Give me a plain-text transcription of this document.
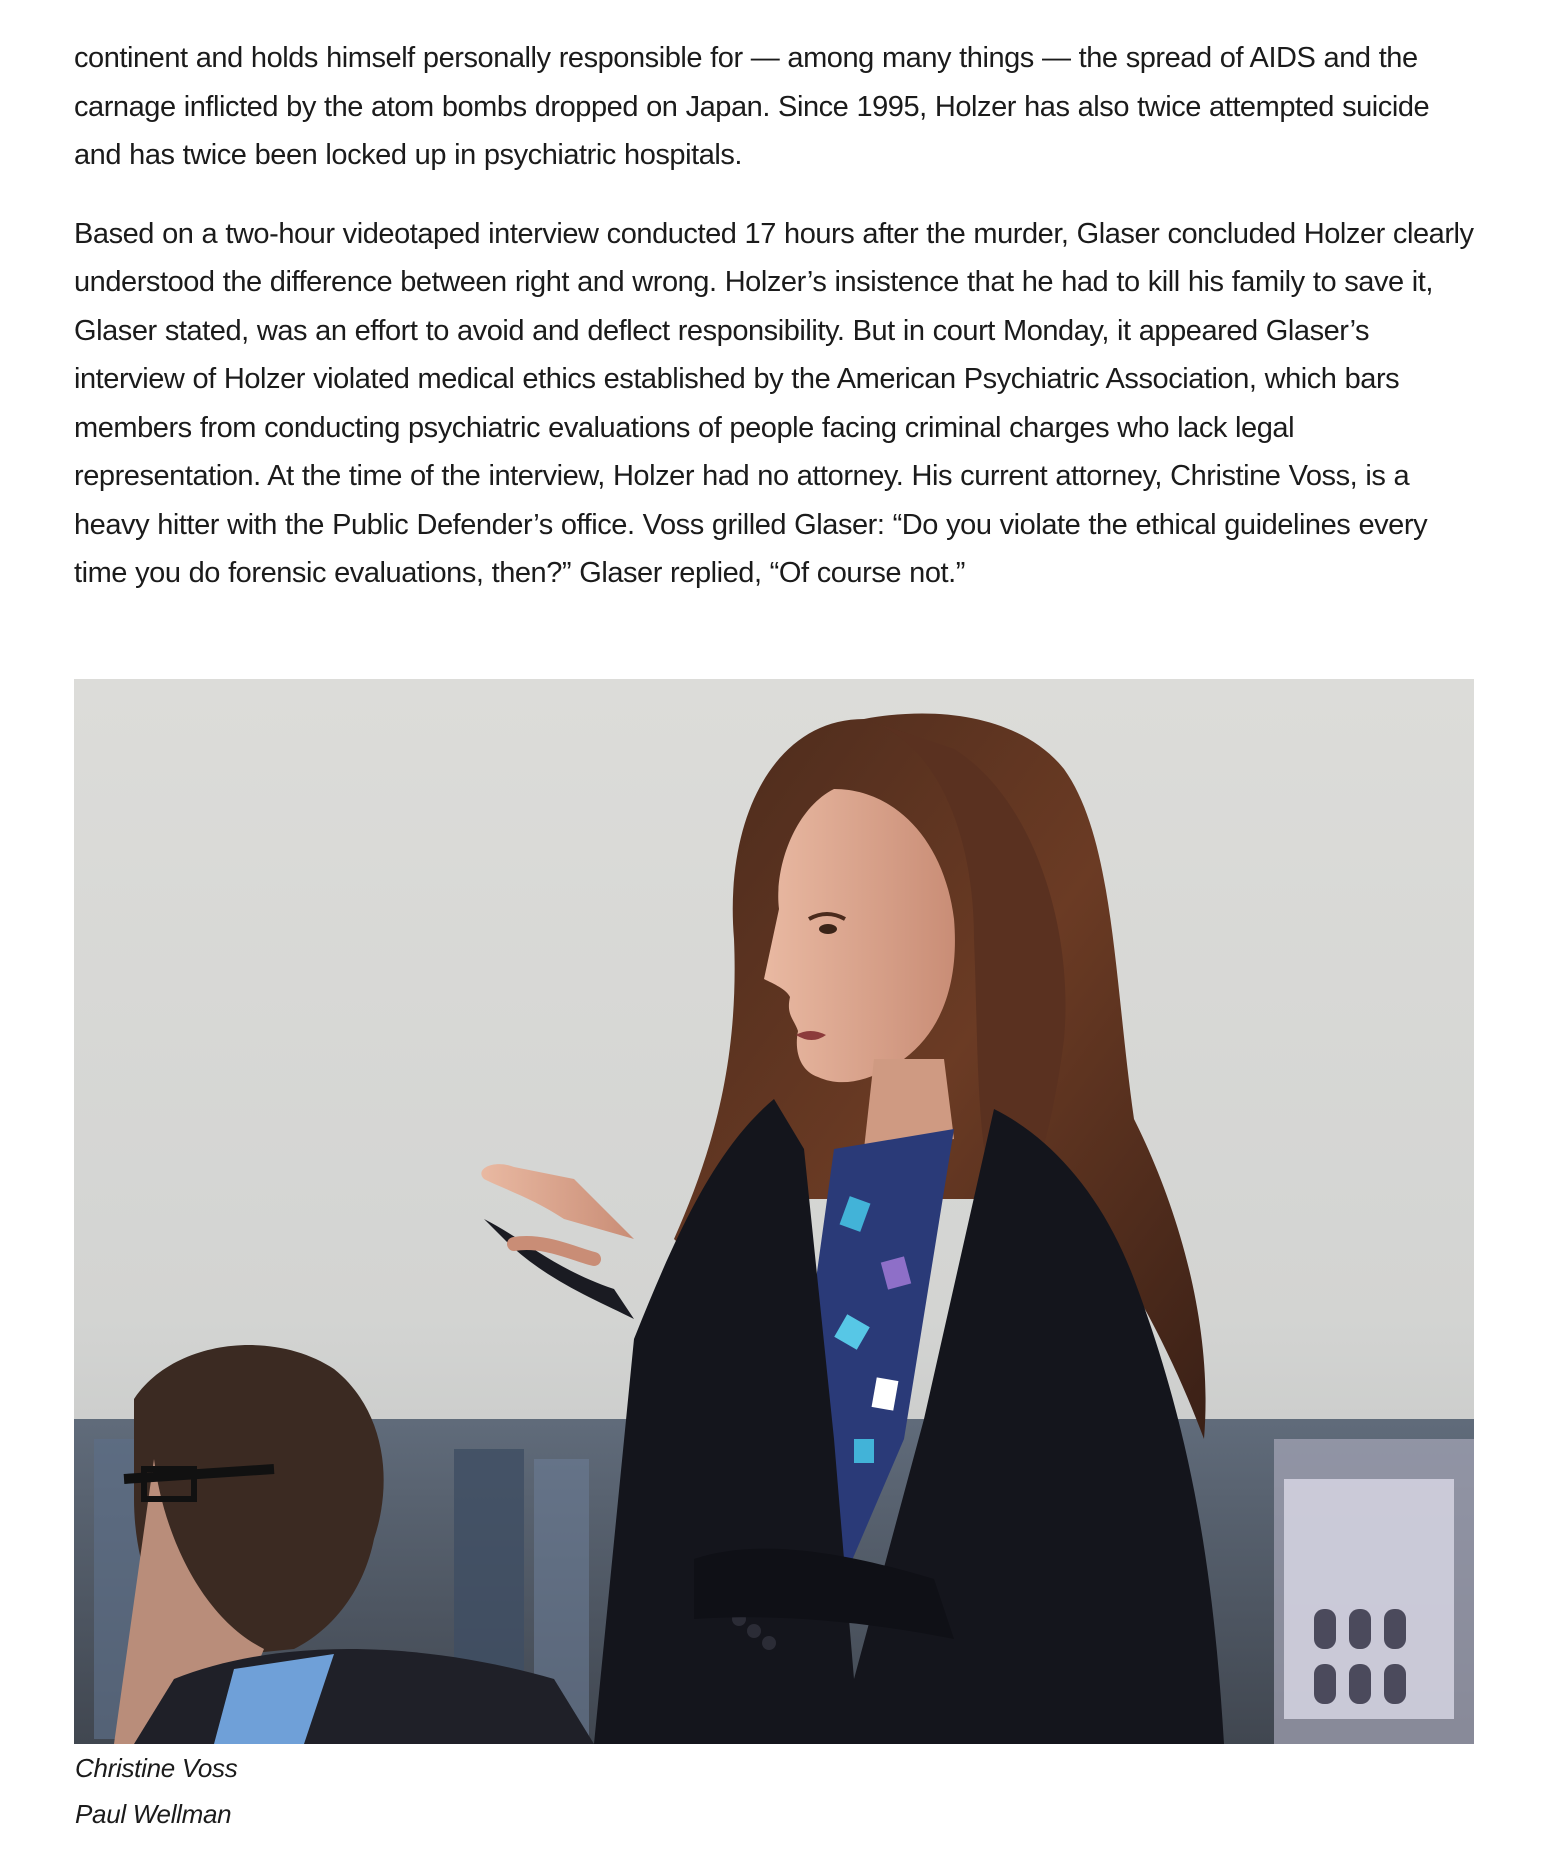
continent and holds himself personally responsible for — among many things — the spread of AIDS and the carnage inflicted by the atom bombs dropped on Japan. Since 1995, Holzer has also twice attempted suicide and has twice been locked up in psychiatric hospitals.

Based on a two-hour videotaped interview conducted 17 hours after the murder, Glaser concluded Holzer clearly understood the difference between right and wrong. Holzer’s insistence that he had to kill his family to save it, Glaser stated, was an effort to avoid and deflect responsibility. But in court Monday, it appeared Glaser’s interview of Holzer violated medical ethics established by the American Psychiatric Association, which bars members from conducting psychiatric evaluations of people facing criminal charges who lack legal representation. At the time of the interview, Holzer had no attorney. His current attorney, Christine Voss, is a heavy hitter with the Public Defender’s office. Voss grilled Glaser: “Do you violate the ethical guidelines every time you do forensic evaluations, then?” Glaser replied, “Of course not.”

Christine Voss

Paul Wellman
